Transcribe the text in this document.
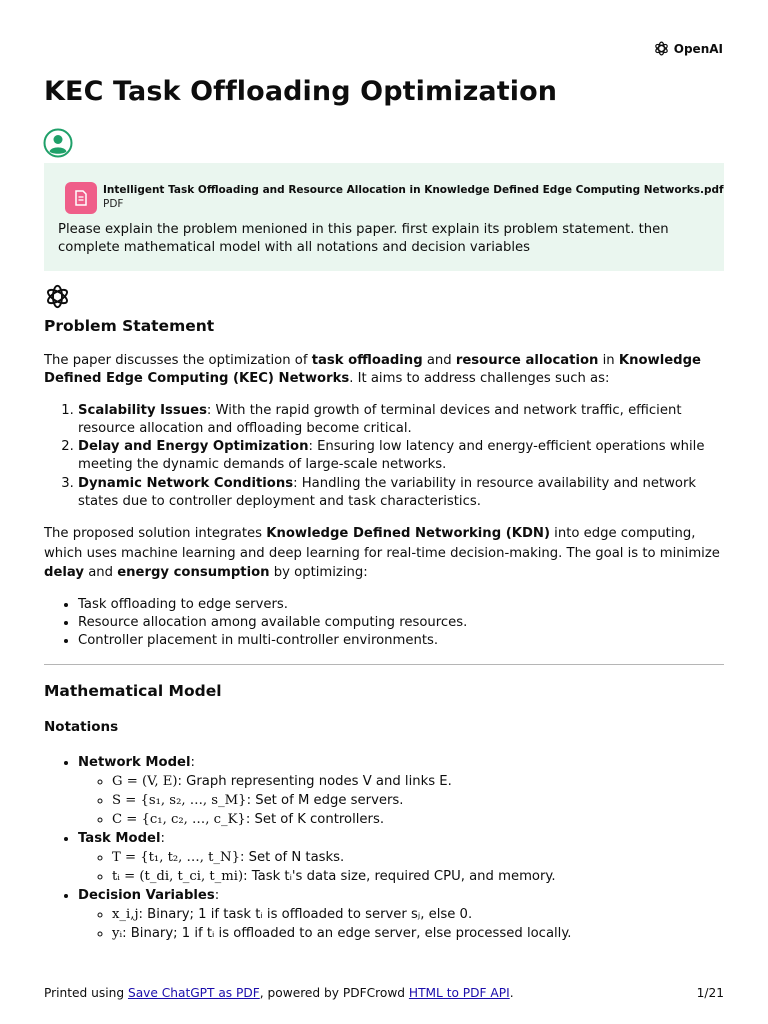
OpenAI
KEC Task Offloading Optimization
Intelligent Task Offloading and Resource Allocation in Knowledge Defined Edge Computing Networks.pdf
PDF
Please explain the problem menioned in this paper. first explain its problem statement. then complete mathematical model with all notations and decision variables
Problem Statement

The paper discusses the optimization of task offloading and resource allocation in Knowledge Defined Edge Computing (KEC) Networks. It aims to address challenges such as:

1. Scalability Issues: With the rapid growth of terminal devices and network traffic, efficient resource allocation and offloading become critical.
2. Delay and Energy Optimization: Ensuring low latency and energy-efficient operations while meeting the dynamic demands of large-scale networks.
3. Dynamic Network Conditions: Handling the variability in resource availability and network states due to controller deployment and task characteristics.

The proposed solution integrates Knowledge Defined Networking (KDN) into edge computing, which uses machine learning and deep learning for real-time decision-making. The goal is to minimize delay and energy consumption by optimizing:

• Task offloading to edge servers.
• Resource allocation among available computing resources.
• Controller placement in multi-controller environments.
Mathematical Model
Notations
• Network Model:
◦ G = (V, E): Graph representing nodes V and links E.
◦ S = {s₁, s₂, …, s_M}: Set of M edge servers.
◦ C = {c₁, c₂, …, c_K}: Set of K controllers.
• Task Model:
◦ T = {t₁, t₂, …, t_N}: Set of N tasks.
◦ tᵢ = (t_di, t_ci, t_mi): Task tᵢ's data size, required CPU, and memory.
• Decision Variables:
◦ x_i,j: Binary; 1 if task tᵢ is offloaded to server sⱼ, else 0.
◦ yᵢ: Binary; 1 if tᵢ is offloaded to an edge server, else processed locally.
Printed using Save ChatGPT as PDF, powered by PDFCrowd HTML to PDF API.	1/21
